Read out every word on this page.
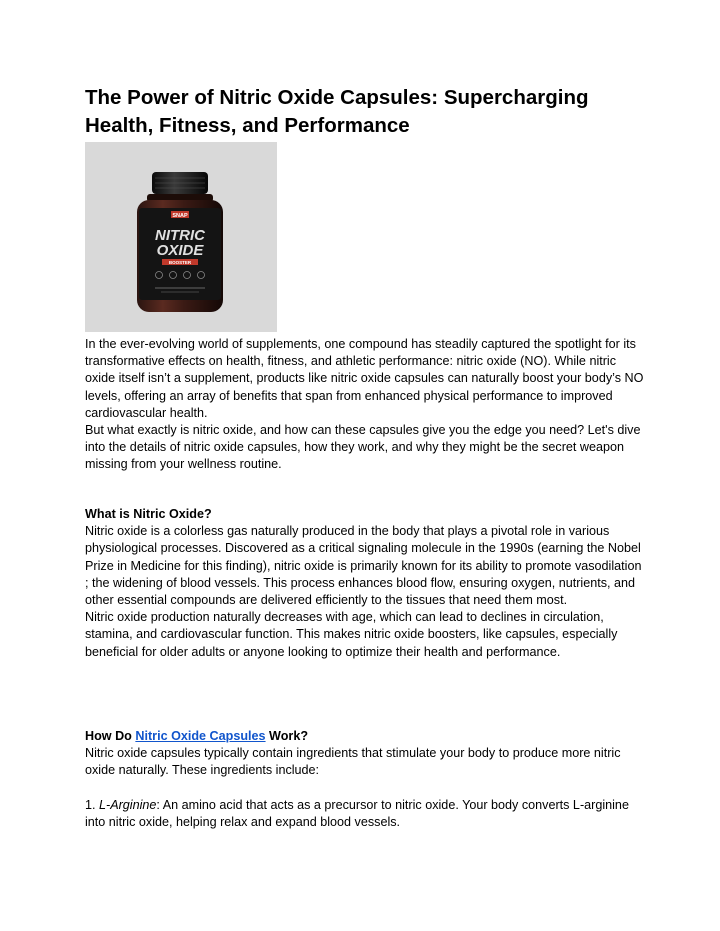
The Power of Nitric Oxide Capsules: Supercharging Health, Fitness, and Performance
SNAP
NITRIC
OXIDE
BOOSTER

In the ever-evolving world of supplements, one compound has steadily captured the spotlight for its transformative effects on health, fitness, and athletic performance: nitric oxide (NO). While nitric oxide itself isn’t a supplement, products like nitric oxide capsules can naturally boost your body’s NO levels, offering an array of benefits that span from enhanced physical performance to improved cardiovascular health.

But what exactly is nitric oxide, and how can these capsules give you the edge you need? Let's dive into the details of nitric oxide capsules, how they work, and why they might be the secret weapon missing from your wellness routine.

What is Nitric Oxide?

Nitric oxide is a colorless gas naturally produced in the body that plays a pivotal role in various physiological processes. Discovered as a critical signaling molecule in the 1990s (earning the Nobel Prize in Medicine for this finding), nitric oxide is primarily known for its ability to promote vasodilation ; the widening of blood vessels. This process enhances blood flow, ensuring oxygen, nutrients, and other essential compounds are delivered efficiently to the tissues that need them most.

Nitric oxide production naturally decreases with age, which can lead to declines in circulation, stamina, and cardiovascular function. This makes nitric oxide boosters, like capsules, especially beneficial for older adults or anyone looking to optimize their health and performance.

How Do Nitric Oxide Capsules Work?

Nitric oxide capsules typically contain ingredients that stimulate your body to produce more nitric oxide naturally. These ingredients include:

1. L-Arginine: An amino acid that acts as a precursor to nitric oxide. Your body converts L-arginine into nitric oxide, helping relax and expand blood vessels.
